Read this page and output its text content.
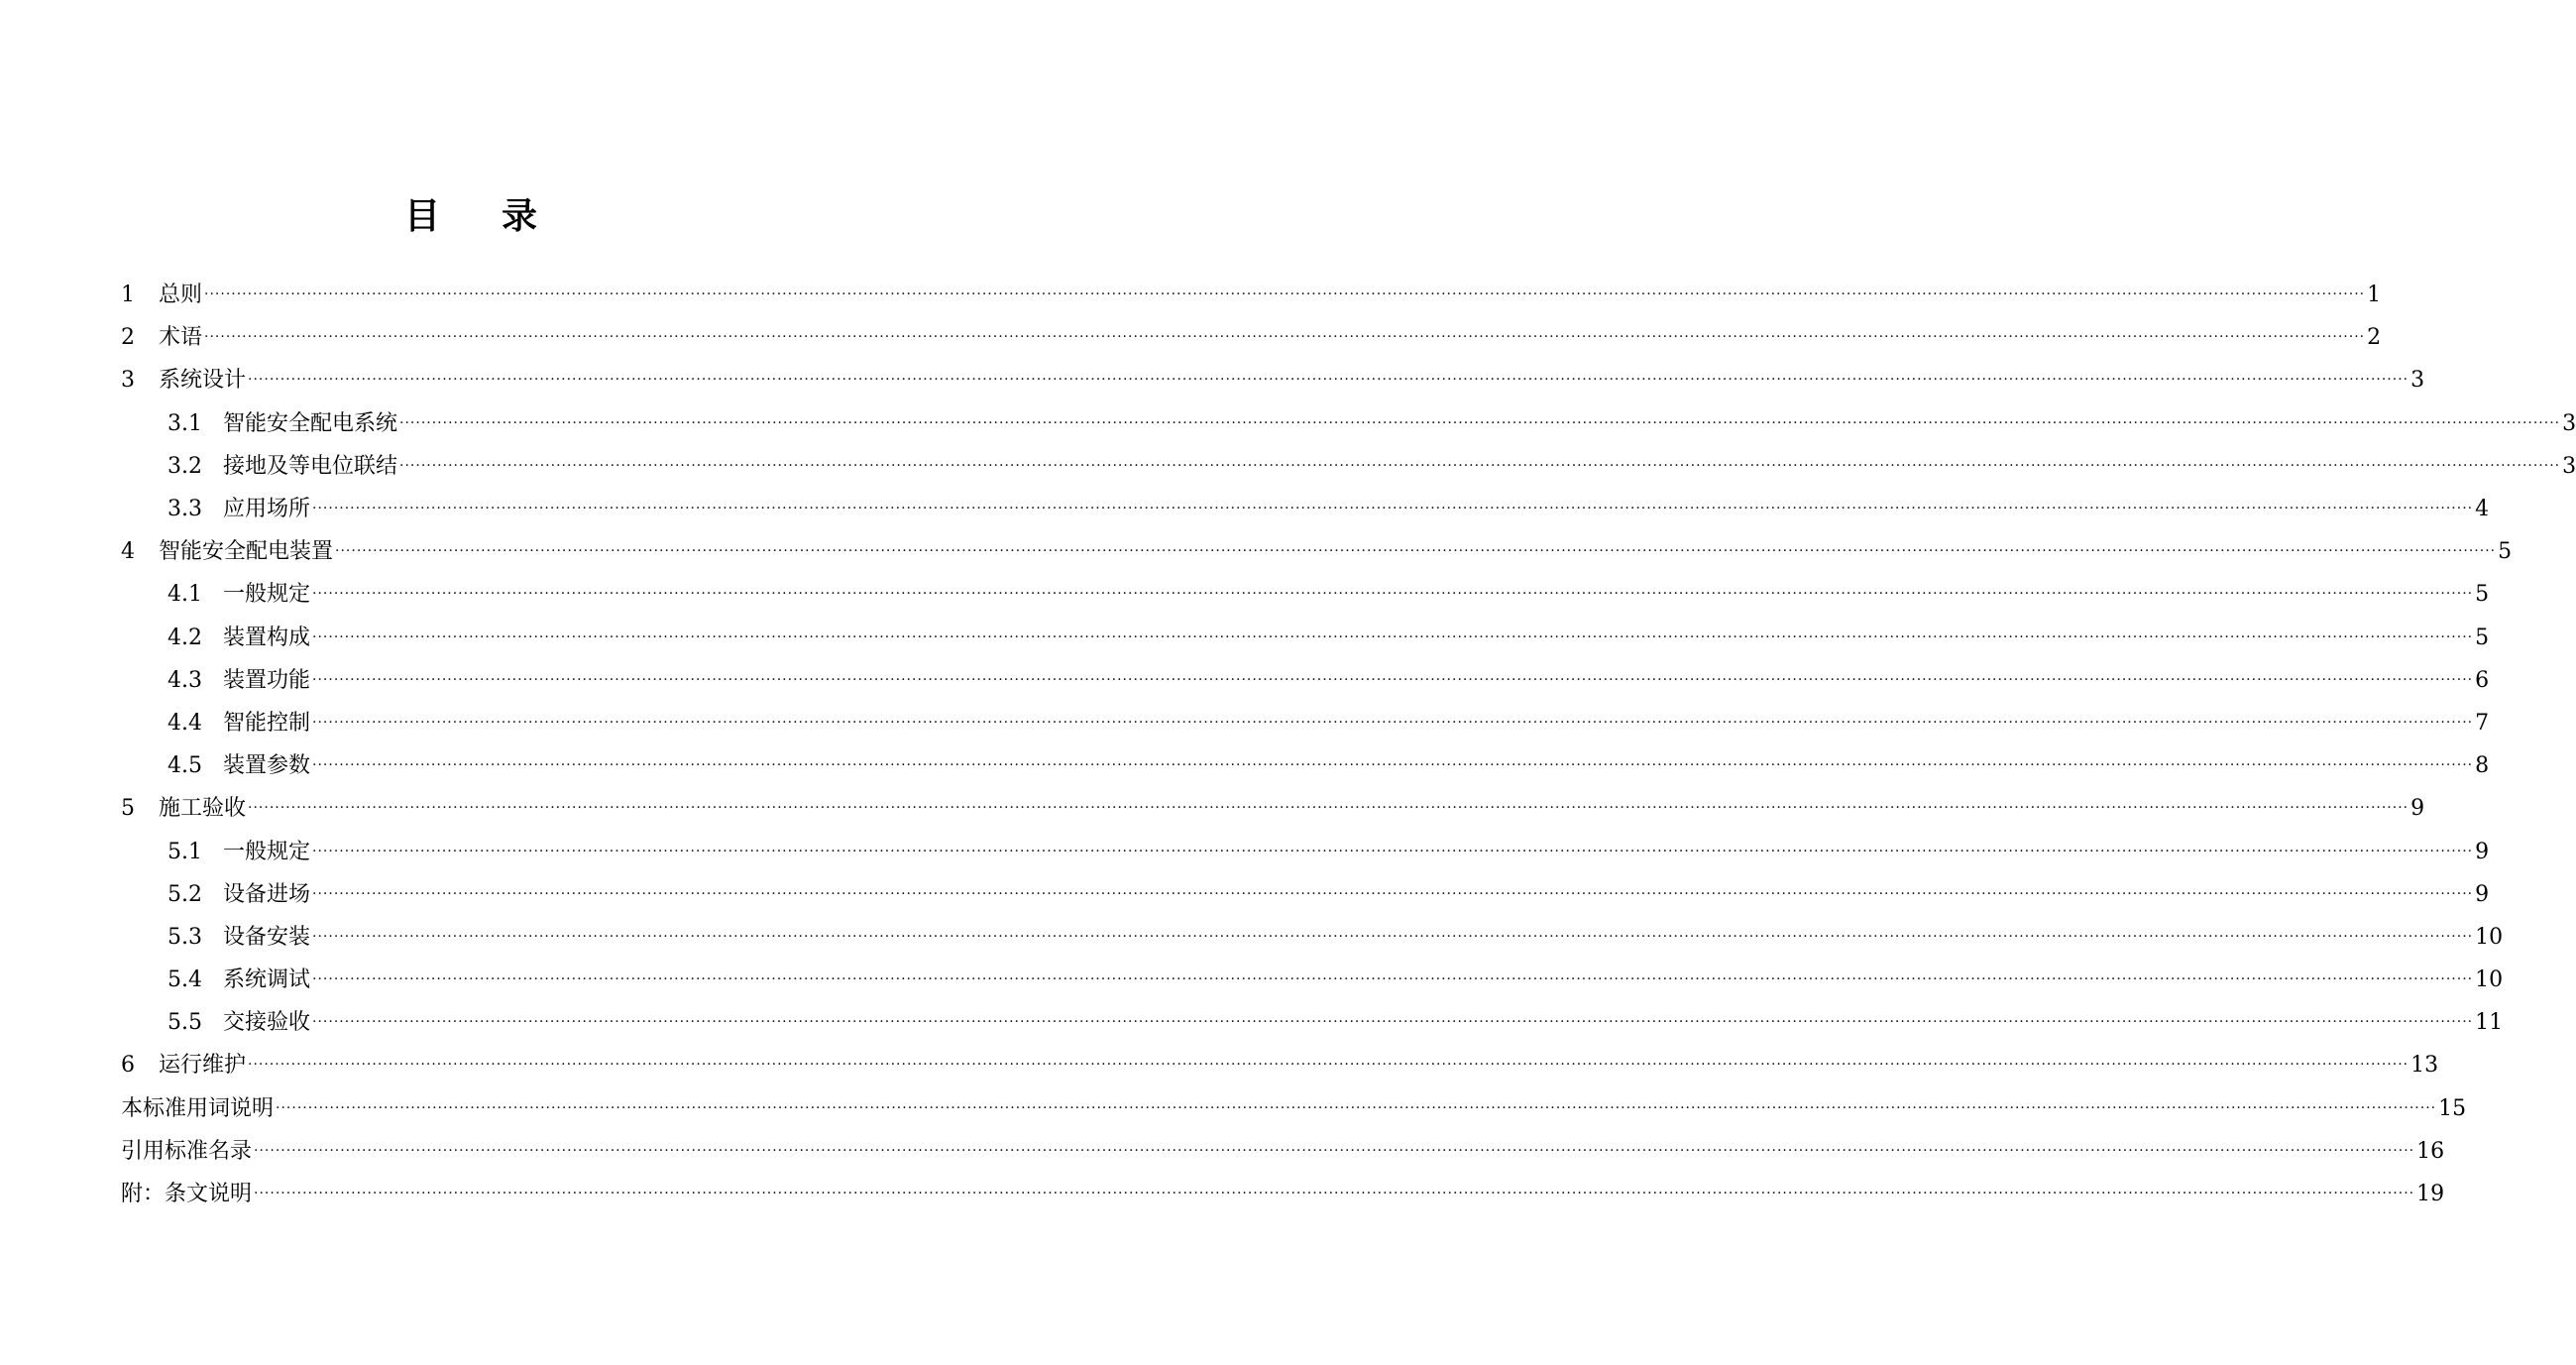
目 录
1	总则 ················································································································································································································································································································································································································ 1
2	术语 ················································································································································································································································································································································································································ 2
3	系统设计 ················································································································································································································································································································································································································ 3
3.1 智能安全配电系统 ················································································································································································································································································································································································································ 3
3.2 接地及等电位联结 ················································································································································································································································································································································································································ 3
3.3 应用场所 ················································································································································································································································································································································································································ 4
4	智能安全配电装置 ················································································································································································································································································································································································································ 5
4.1 一般规定 ················································································································································································································································································································································································································ 5
4.2 装置构成 ················································································································································································································································································································································································································ 5
4.3 装置功能 ················································································································································································································································································································································································································ 6
4.4 智能控制 ················································································································································································································································································································································································································ 7
4.5 装置参数 ················································································································································································································································································································································································································ 8
5	施工验收 ················································································································································································································································································································································································································ 9
5.1 一般规定 ················································································································································································································································································································································································································ 9
5.2 设备进场 ················································································································································································································································································································································································································ 9
5.3 设备安装 ················································································································································································································································································································································································································ 10
5.4 系统调试 ················································································································································································································································································································································································································ 10
5.5 交接验收 ················································································································································································································································································································································································································ 11
6	运行维护 ················································································································································································································································································································································································································ 13
本标准用词说明 ················································································································································································································································································································································································································ 15
引用标准名录 ················································································································································································································································································································································································································ 16
附：条文说明 ················································································································································································································································································································································································································ 19
